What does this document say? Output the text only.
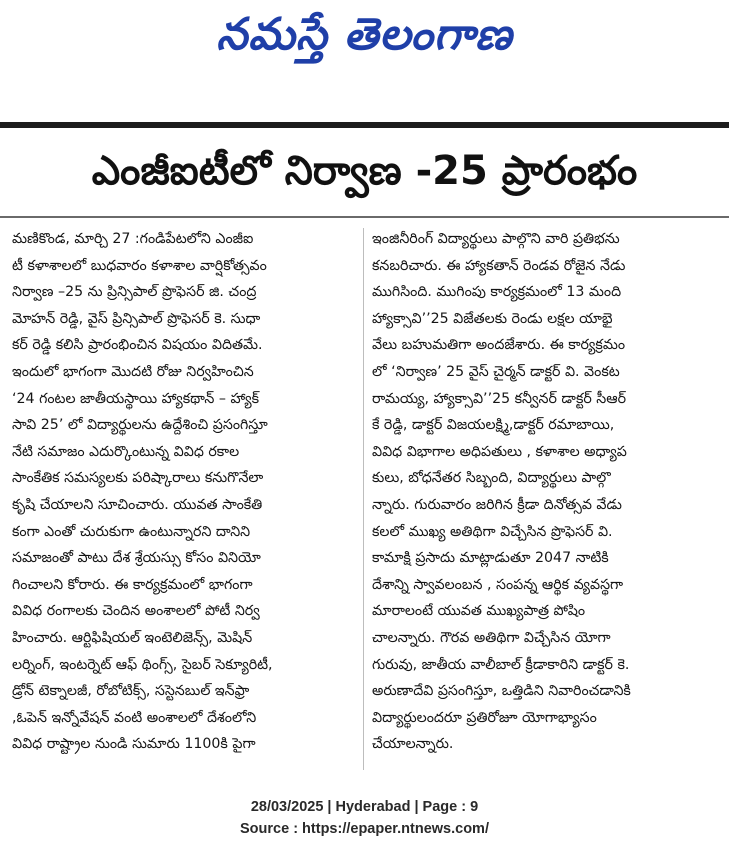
నమస్తే తెలంగాణ
ఎంజీఐటీలో నిర్వాణ -25 ప్రారంభం
మణికొండ, మార్చి 27 :గండిపేటలోని ఎంజీఐ
టీ కళాశాలలో బుధవారం కళాశాల వార్షికోత్సవం
నిర్వాణ –25 ను ప్రిన్సిపాల్ ప్రొఫెసర్ జి. చంద్ర
మోహన్ రెడ్డి, వైస్ ప్రిన్సిపాల్ ప్రొఫెసర్ కె. సుధా
కర్ రెడ్డి కలిసి ప్రారంభించిన విషయం విదితమే.
ఇందులో భాగంగా మొదటి రోజు నిర్వహించిన
‘24 గంటల జాతీయస్థాయి హ్యాకథాన్ – హ్యాక్
సావి 25’ లో విద్యార్థులను ఉద్దేశించి ప్రసంగిస్తూ
నేటి సమాజం ఎదుర్కొంటున్న వివిధ రకాల
సాంకేతిక సమస్యలకు పరిష్కారాలు కనుగొనేలా
కృషి చేయాలని సూచించారు. యువత సాంకేతి
కంగా ఎంతో చురుకుగా ఉంటున్నారని దానిని
సమాజంతో పాటు దేశ శ్రేయస్సు కోసం వినియో
గించాలని కోరారు. ఈ కార్యక్రమంలో భాగంగా
వివిధ రంగాలకు చెందిన అంశాలలో పోటీ నిర్వ
హించారు. ఆర్టిఫిషియల్ ఇంటెలిజెన్స్, మెషిన్
లర్నింగ్, ఇంటర్నెట్ ఆఫ్ థింగ్స్, సైబర్ సెక్యూరిటీ,
డ్రోన్ టెక్నాలజీ, రోబోటిక్స్, సస్టెనబుల్ ఇన్‌ఫ్రా
,ఓపెన్ ఇన్నోవేషన్ వంటి అంశాలలో దేశంలోని
వివిధ రాష్ట్రాల నుండి సుమారు 1100కి పైగా
ఇంజినీరింగ్ విద్యార్థులు పాల్గొని వారి ప్రతిభను
కనబరిచారు. ఈ హ్యాకతాన్ రెండవ రోజైన నేడు
ముగిసింది. ముగింపు కార్యక్రమంలో 13 మంది
హ్యాక్సావి’’25 విజేతలకు రెండు లక్షల యాభై
వేలు బహుమతిగా అందజేశారు. ఈ కార్యక్రమం
లో ‘నిర్వాణ’ 25 వైస్ చైర్మన్ డాక్టర్ వి. వెంకట
రామయ్య, హ్యాక్సావి’’25 కన్వీనర్ డాక్టర్ సీఆర్
కే రెడ్డి, డాక్టర్ విజయలక్ష్మి,డాక్టర్ రమాబాయి,
వివిధ విభాగాల అధిపతులు , కళాశాల అధ్యాప
కులు, బోధనేతర సిబ్బంది, విద్యార్థులు పాల్గొ
న్నారు. గురువారం జరిగిన క్రీడా దినోత్సవ వేడు
కలలో ముఖ్య అతిథిగా విచ్చేసిన ప్రొఫెసర్ వి.
కామాక్షి ప్రసాదు మాట్లాడుతూ 2047 నాటికి
దేశాన్ని స్వావలంబన , సంపన్న ఆర్థిక వ్యవస్థగా
మారాలంటే యువత ముఖ్యపాత్ర పోషిం
చాలన్నారు. గౌరవ అతిథిగా విచ్చేసిన యోగా
గురువు, జాతీయ వాలీబాల్ క్రీడాకారిని డాక్టర్ కె.
అరుణాదేవి ప్రసంగిస్తూ, ఒత్తిడిని నివారించడానికి
విద్యార్థులందరూ ప్రతిరోజూ యోగాభ్యాసం
చేయాలన్నారు.
28/03/2025 | Hyderabad | Page : 9
Source : https://epaper.ntnews.com/
